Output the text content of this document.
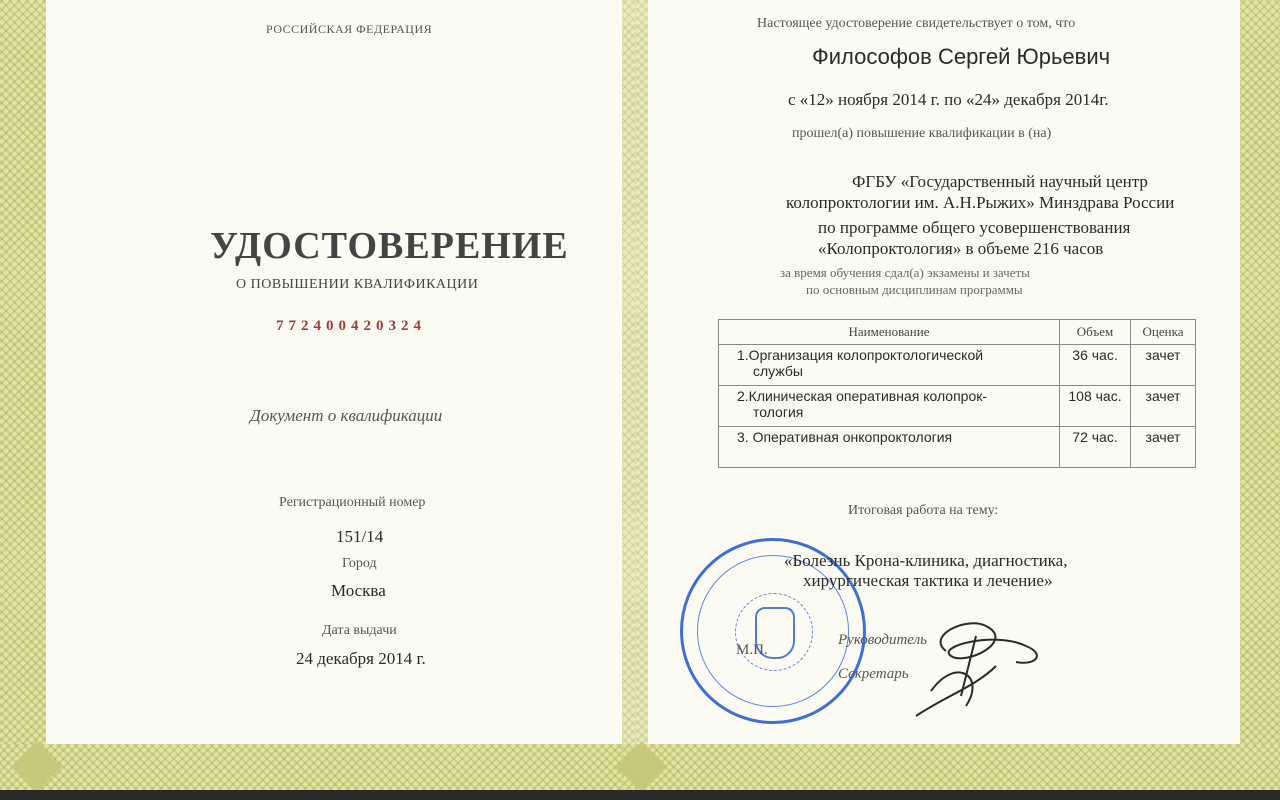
РОССИЙСКАЯ ФЕДЕРАЦИЯ
УДОСТОВЕРЕНИЕ
О ПОВЫШЕНИИ КВАЛИФИКАЦИИ
772400420324
Документ о квалификации
Регистрационный номер
151/14
Город
Москва
Дата выдачи
24 декабря 2014 г.
Настоящее удостоверение свидетельствует о том, что
Философов Сергей Юрьевич
с «12» ноября 2014 г. по «24» декабря 2014г.
прошел(а) повышение квалификации в (на)
ФГБУ «Государственный научный центр
колопроктологии им. А.Н.Рыжих» Минздрава России
по программе общего усовершенствования
«Колопроктология» в объеме 216 часов
за время обучения сдал(а) экзамены и зачеты
по основным дисциплинам программы
Наименование	Объем	Оценка

1.Организация колопроктологической
службы	36 час.	зачет

2.Клиническая оперативная колопрок-
тология	108 час.	зачет

3. Оперативная онкопроктология	72 час.	зачет
Итоговая работа на тему:
«Болезнь Крона-клиника, диагностика,
хирургическая тактика и лечение»
М.П.
Руководитель
Секретарь
